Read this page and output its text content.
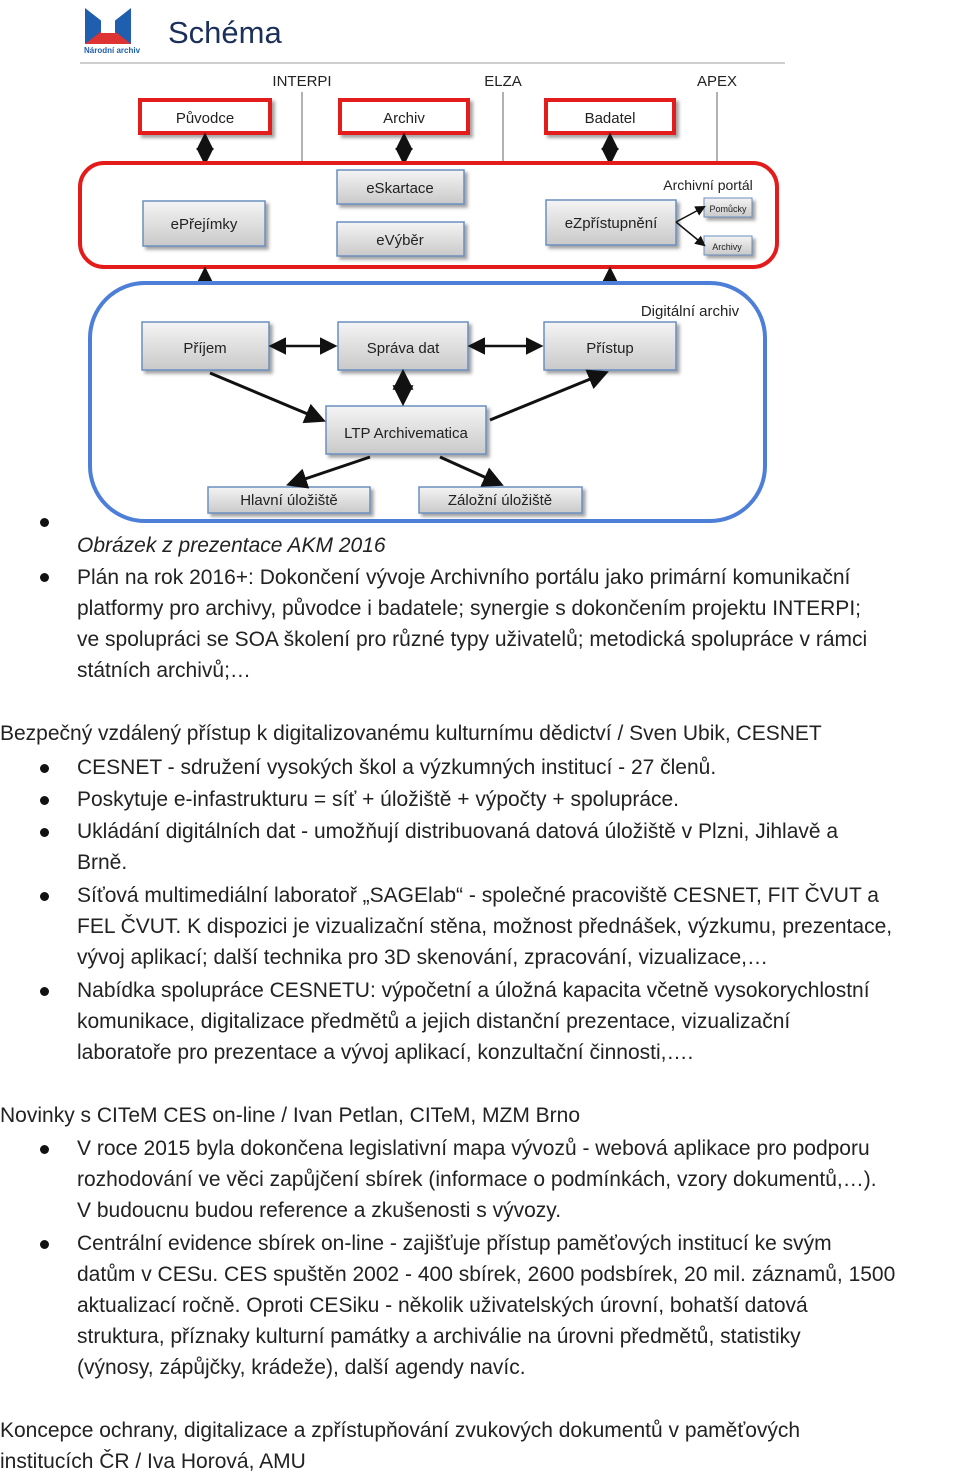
Národní archiv
Schéma
INTERPI	ELZA	APEX
Původce	Archiv	Badatel
Archivní portál
ePřejímky
eSkartace
eVýběr
eZpřístupnění
Pomůcky
Archivy
Digitální archiv
Příjem	Správa dat	Přístup
LTP Archivematica
Hlavní úložiště	Záložní úložiště
Obrázek z prezentace AKM 2016
Plán na rok 2016+: Dokončení vývoje Archivního portálu jako primární komunikační
platformy pro archivy, původce i badatele; synergie s dokončením projektu INTERPI;
ve spolupráci se SOA školení pro různé typy uživatelů; metodická spolupráce v rámci
státních archivů;…
Bezpečný vzdálený přístup k digitalizovanému kulturnímu dědictví / Sven Ubik, CESNET
CESNET - sdružení vysokých škol a výzkumných institucí - 27 členů.
Poskytuje e-infastrukturu = síť + úložiště + výpočty + spolupráce.
Ukládání digitálních dat - umožňují distribuovaná datová úložiště v Plzni, Jihlavě a
Brně.
Síťová multimediální laboratoř „SAGElab“ - společné pracoviště CESNET, FIT ČVUT a
FEL ČVUT. K dispozici je vizualizační stěna, možnost přednášek, výzkumu, prezentace,
vývoj aplikací; další technika pro 3D skenování, zpracování, vizualizace,…
Nabídka spolupráce CESNETU: výpočetní a úložná kapacita včetně vysokorychlostní
komunikace, digitalizace předmětů a jejich distanční prezentace, vizualizační
laboratoře pro prezentace a vývoj aplikací, konzultační činnosti,….
Novinky s CITeM CES on-line / Ivan Petlan, CITeM, MZM Brno
V roce 2015 byla dokončena legislativní mapa vývozů - webová aplikace pro podporu
rozhodování ve věci zapůjčení sbírek (informace o podmínkách, vzory dokumentů,…).
V budoucnu budou reference a zkušenosti s vývozy.
Centrální evidence sbírek on-line - zajišťuje přístup paměťových institucí ke svým
datům v CESu. CES spuštěn 2002 - 400 sbírek, 2600 podsbírek, 20 mil. záznamů, 1500
aktualizací ročně. Oproti CESiku - několik uživatelských úrovní, bohatší datová
struktura, příznaky kulturní památky a archiválie na úrovni předmětů, statistiky
(výnosy, zápůjčky, krádeže), další agendy navíc.
Koncepce ochrany, digitalizace a zpřístupňování zvukových dokumentů v paměťových
institucích ČR / Iva Horová, AMU
